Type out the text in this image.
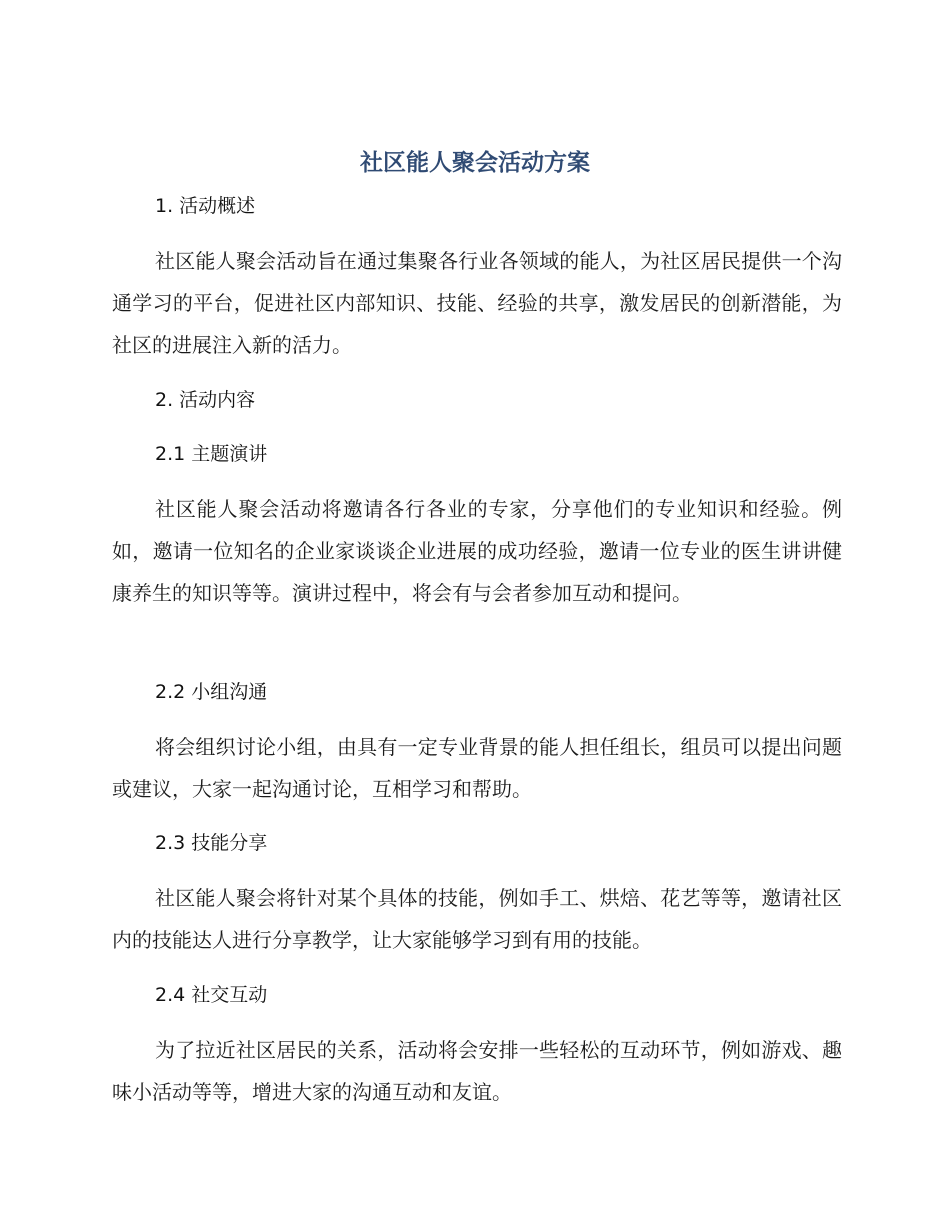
社区能人聚会活动方案
1. 活动概述
社区能人聚会活动旨在通过集聚各行业各领域的能人，为社区居民提供一个沟通学习的平台，促进社区内部知识、技能、经验的共享，激发居民的创新潜能，为社区的进展注入新的活力。
2. 活动内容
2.1 主题演讲
社区能人聚会活动将邀请各行各业的专家，分享他们的专业知识和经验。例如，邀请一位知名的企业家谈谈企业进展的成功经验，邀请一位专业的医生讲讲健康养生的知识等等。演讲过程中，将会有与会者参加互动和提问。
2.2 小组沟通
将会组织讨论小组，由具有一定专业背景的能人担任组长，组员可以提出问题或建议，大家一起沟通讨论，互相学习和帮助。
2.3 技能分享
社区能人聚会将针对某个具体的技能，例如手工、烘焙、花艺等等，邀请社区内的技能达人进行分享教学，让大家能够学习到有用的技能。
2.4 社交互动
为了拉近社区居民的关系，活动将会安排一些轻松的互动环节，例如游戏、趣味小活动等等，增进大家的沟通互动和友谊。
